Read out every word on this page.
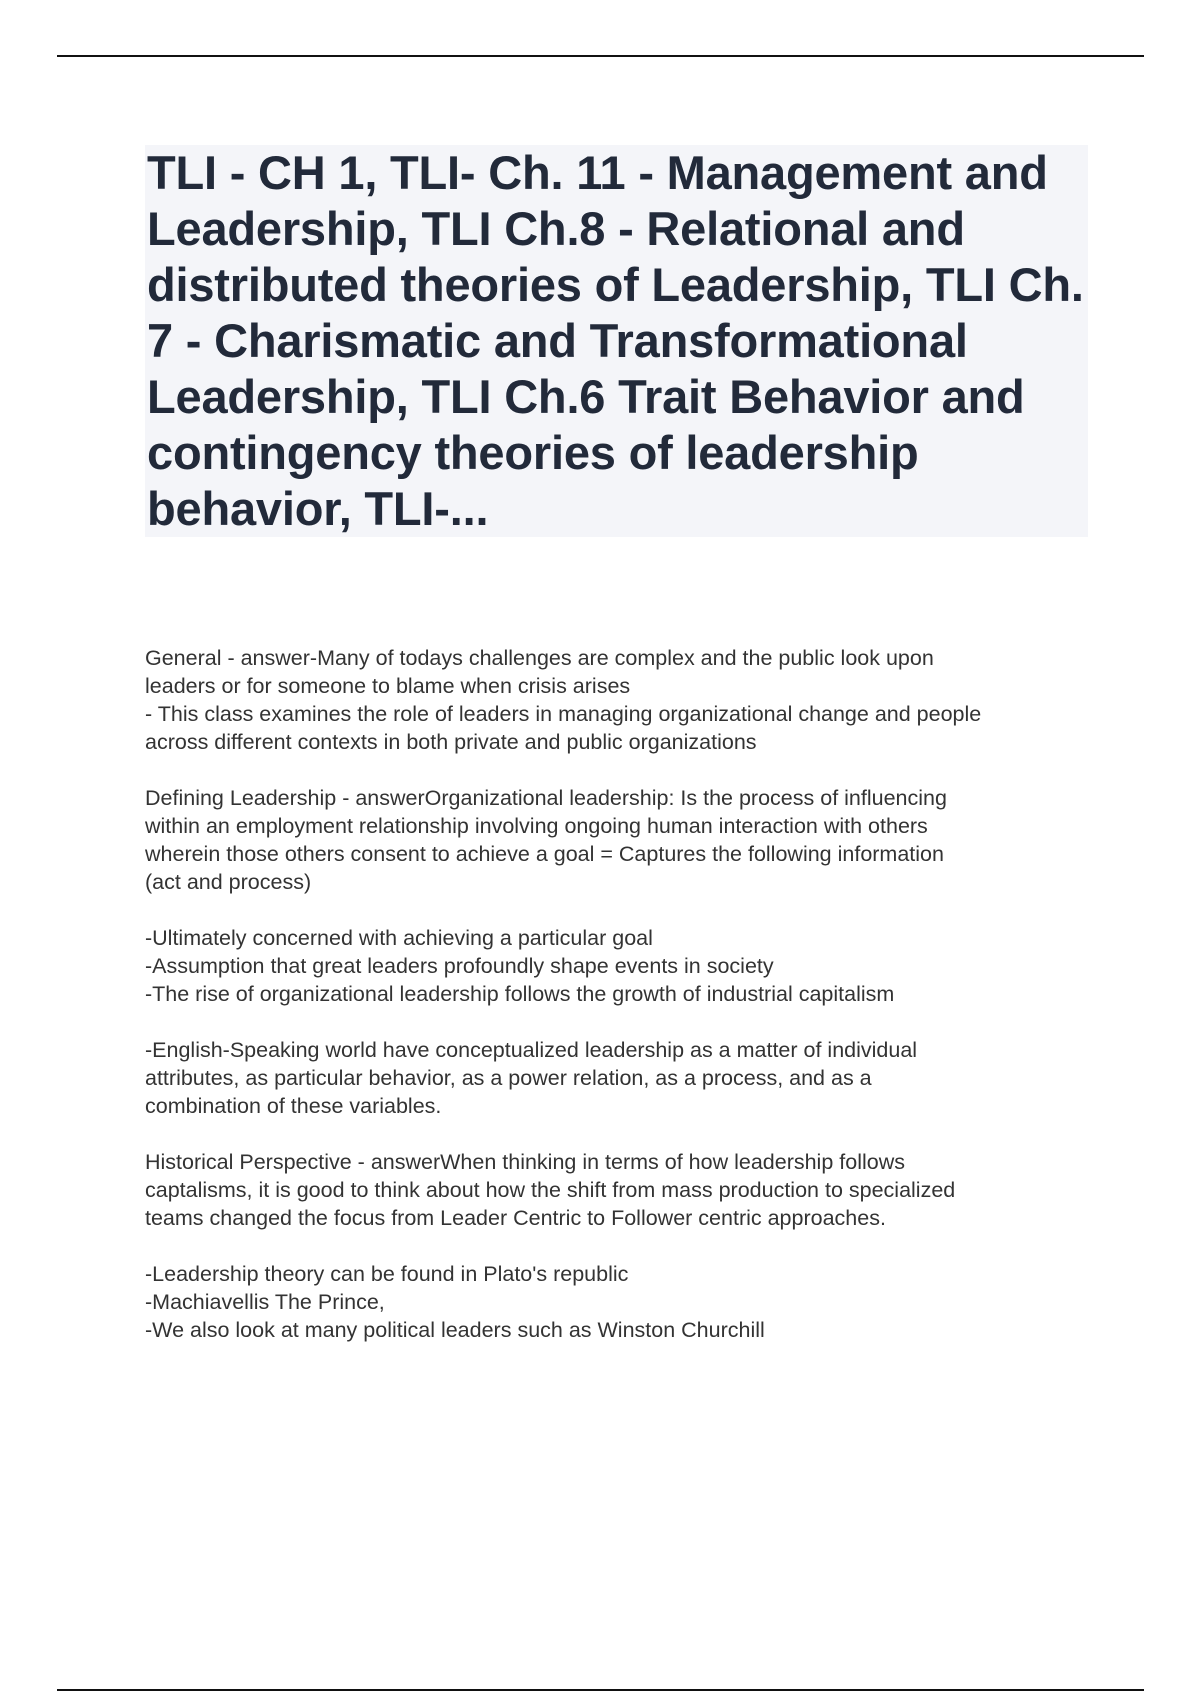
TLI - CH 1, TLI- Ch. 11 - Management and Leadership, TLI Ch.8 - Relational and distributed theories of Leadership, TLI Ch. 7 - Charismatic and Transformational Leadership, TLI Ch.6 Trait Behavior and contingency theories of leadership behavior, TLI-...
General - answer-Many of todays challenges are complex and the public look upon
leaders or for someone to blame when crisis arises
- This class examines the role of leaders in managing organizational change and people
across different contexts in both private and public organizations
Defining Leadership - answerOrganizational leadership: Is the process of influencing
within an employment relationship involving ongoing human interaction with others
wherein those others consent to achieve a goal = Captures the following information
(act and process)
-Ultimately concerned with achieving a particular goal
-Assumption that great leaders profoundly shape events in society
-The rise of organizational leadership follows the growth of industrial capitalism
-English-Speaking world have conceptualized leadership as a matter of individual
attributes, as particular behavior, as a power relation, as a process, and as a
combination of these variables.
Historical Perspective - answerWhen thinking in terms of how leadership follows
captalisms, it is good to think about how the shift from mass production to specialized
teams changed the focus from Leader Centric to Follower centric approaches.
-Leadership theory can be found in Plato's republic
-Machiavellis The Prince,
-We also look at many political leaders such as Winston Churchill
